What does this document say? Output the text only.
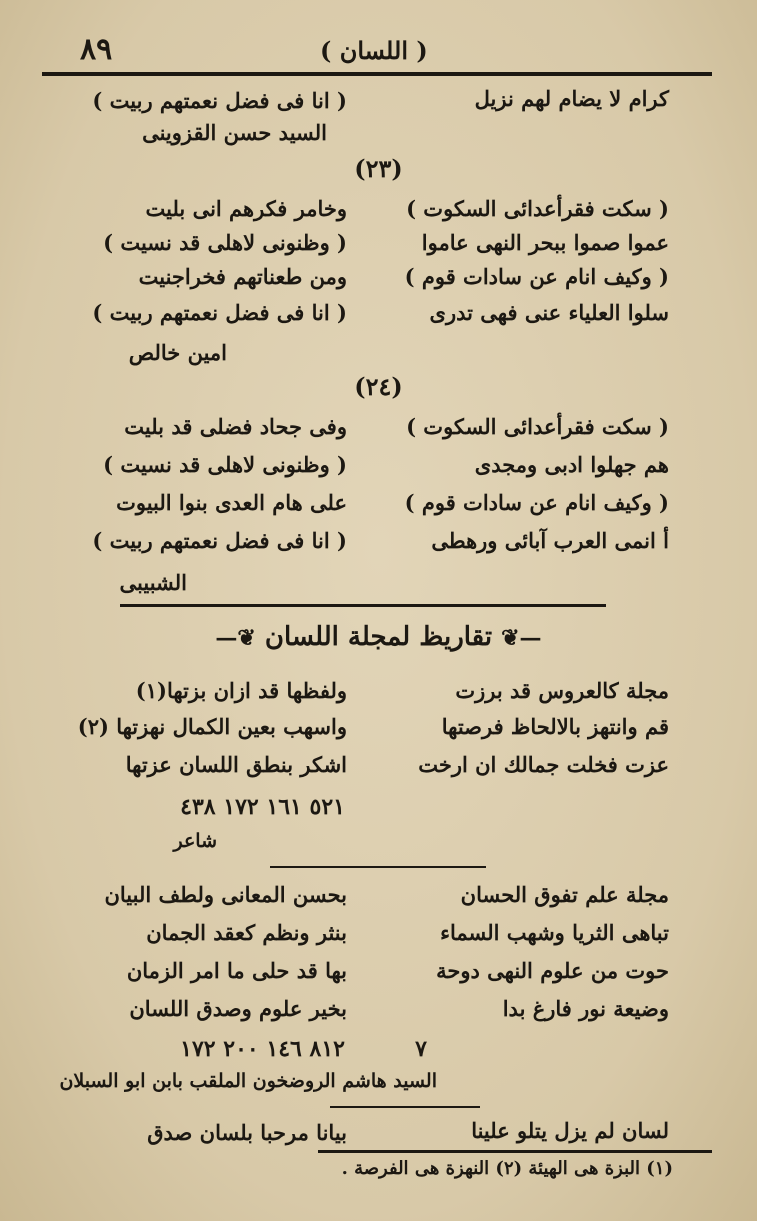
٨٩	( اللسان )
كرام لا يضام لهم نزيل
( انا فى فضل نعمتهم ربيت )
السيد حسن القزوينى
(٢٣)
( سكت فقرأعدائى السكوت )
وخامر فكرهم انى بليت
عموا صموا ببحر النهى عاموا
( وظنونى لاهلى قد نسيت )
( وكيف انام عن سادات قوم )
ومن طعناتهم فخراجنيت
سلوا العلياء عنى فهى تدرى
( انا فى فضل نعمتهم ربيت )
امين خالص
(٢٤)
( سكت فقرأعدائى السكوت )
وفى جحاد فضلى قد بليت
هم جهلوا ادبى ومجدى
( وظنونى لاهلى قد نسيت )
( وكيف انام عن سادات قوم )
على هام العدى بنوا البيوت
أ انمى العرب آبائى ورهطى
( انا فى فضل نعمتهم ربيت )
الشبيبى
—❦ تقاريظ لمجلة اللسان ❦—
مجلة كالعروس قد برزت
ولفظها قد ازان بزتها(١)
قم وانتهز بالالحاظ فرصتها
واسهب بعين الكمال نهزتها (٢)
عزت فخلت جمالك ان ارخت
اشكر بنطق اللسان عزتها
٥٢١ ١٦١ ١٧٢ ٤٣٨
شاعر
مجلة علم تفوق الحسان
بحسن المعانى ولطف البيان
تباهى الثريا وشهب السماء
بنثر ونظم كعقد الجمان
حوت من علوم النهى دوحة
بها قد حلى ما امر الزمان
وضيعة نور فارغ بدا
بخير علوم وصدق اللسان
٨١٢ ١٤٦ ٢٠٠ ١٧٢	٧
السيد هاشم الروضخون الملقب بابن ابو السبلان
لسان لم يزل يتلو علينا
بيانا مرحبا بلسان صدق
(١) البزة هى الهيئة (٢) النهزة هى الفرصة .
